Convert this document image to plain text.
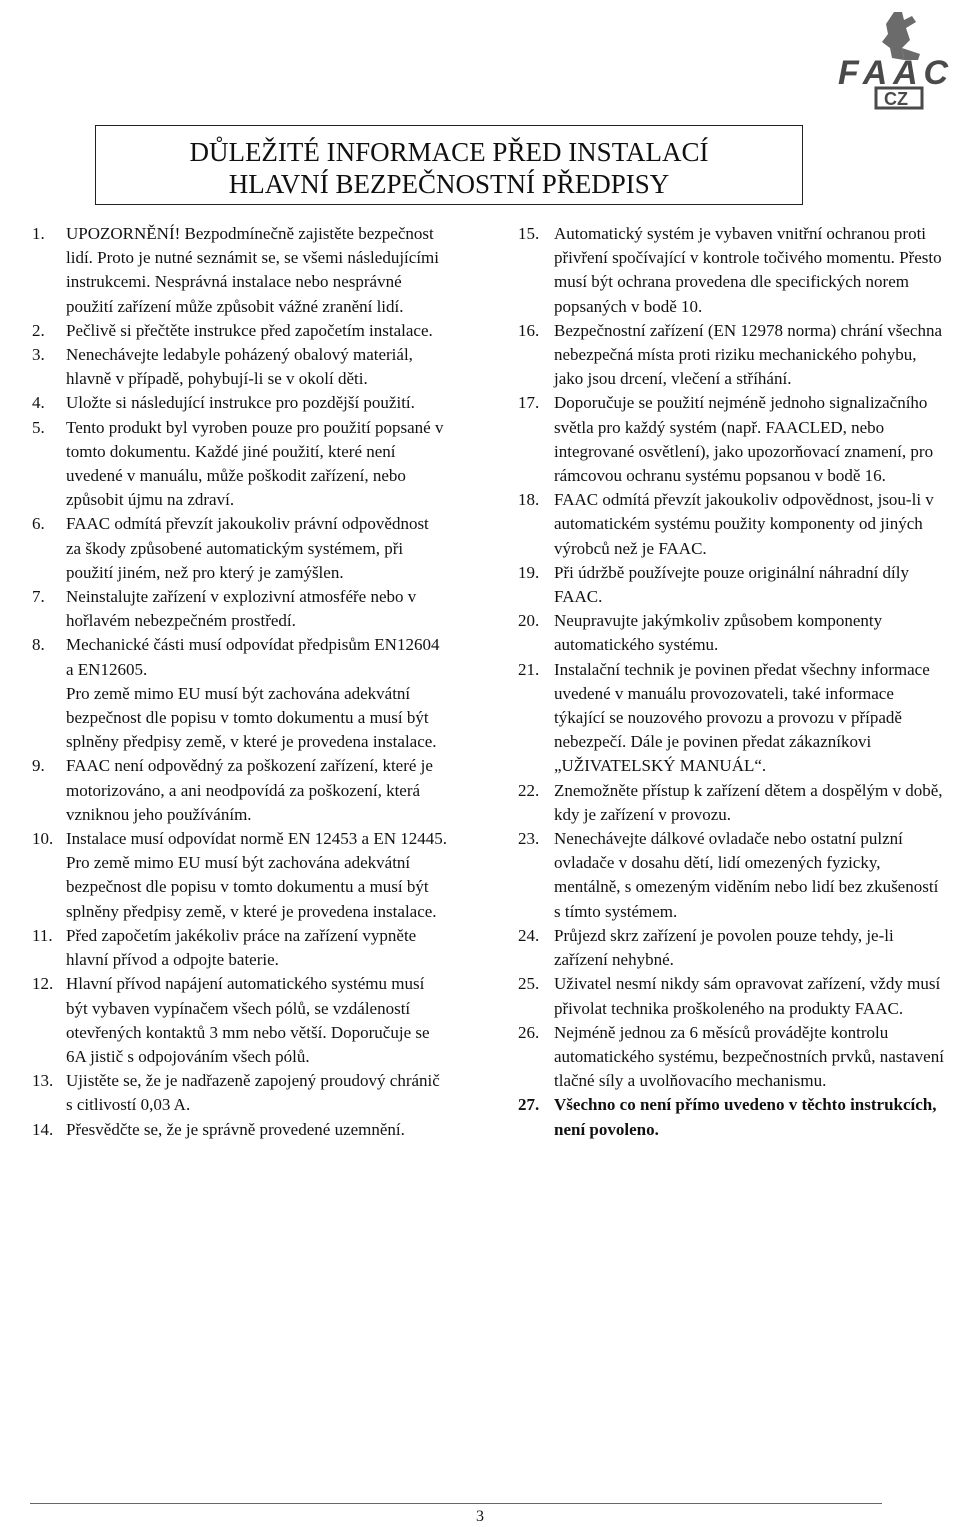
FAAC
CZ
DŮLEŽITÉ INFORMACE PŘED INSTALACÍ
HLAVNÍ BEZPEČNOSTNÍ PŘEDPISY
1. UPOZORNĚNÍ! Bezpodmínečně zajistěte bezpečnost lidí. Proto je nutné seznámit se, se všemi následujícími instrukcemi. Nesprávná instalace nebo nesprávné použití zařízení může způsobit vážné zranění lidí.

2. Pečlivě si přečtěte instrukce před započetím instalace.

3. Nenechávejte ledabyle poházený obalový materiál, hlavně v případě, pohybují-li se v okolí děti.

4. Uložte si následující instrukce pro pozdější použití.

5. Tento produkt byl vyroben pouze pro použití popsané v tomto dokumentu. Každé jiné použití, které není uvedené v manuálu, může poškodit zařízení, nebo způsobit újmu na zdraví.

6. FAAC odmítá převzít jakoukoliv právní odpovědnost za škody způsobené automatickým systémem, při použití jiném, než pro který je zamýšlen.

7. Neinstalujte zařízení v explozivní atmosféře nebo v hořlavém nebezpečném prostředí.

8. Mechanické části musí odpovídat předpisům EN12604 a EN12605.

Pro země mimo EU musí být zachována adekvátní bezpečnost dle popisu v tomto dokumentu a musí být splněny předpisy země, v které je provedena instalace.

9. FAAC není odpovědný za poškození zařízení, které je motorizováno, a ani neodpovídá za poškození, která vzniknou jeho používáním.

10. Instalace musí odpovídat normě EN 12453 a EN 12445.

Pro země mimo EU musí být zachována adekvátní bezpečnost dle popisu v tomto dokumentu a musí být splněny předpisy země, v které je provedena instalace.

11. Před započetím jakékoliv práce na zařízení vypněte hlavní přívod a odpojte baterie.

12. Hlavní přívod napájení automatického systému musí být vybaven vypínačem všech pólů, se vzdáleností otevřených kontaktů 3 mm nebo větší. Doporučuje se 6A jistič s odpojováním všech pólů.

13. Ujistěte se, že je nadřazeně zapojený proudový chránič s citlivostí 0,03 A.

14. Přesvědčte se, že je správně provedené uzemnění.

15. Automatický systém je vybaven vnitřní ochranou proti přivření spočívající v kontrole točivého momentu. Přesto musí být ochrana provedena dle specifických norem popsaných v bodě 10.

16. Bezpečnostní zařízení (EN 12978 norma) chrání všechna nebezpečná místa proti riziku mechanického pohybu, jako jsou drcení, vlečení a stříhání.

17. Doporučuje se použití nejméně jednoho signalizačního světla pro každý systém (např. FAACLED, nebo integrované osvětlení), jako upozorňovací znamení, pro rámcovou ochranu systému popsanou v bodě 16.

18. FAAC odmítá převzít jakoukoliv odpovědnost, jsou-li v automatickém systému použity komponenty od jiných výrobců než je FAAC.

19. Při údržbě používejte pouze originální náhradní díly FAAC.

20. Neupravujte jakýmkoliv způsobem komponenty automatického systému.

21. Instalační technik je povinen předat všechny informace uvedené v manuálu provozovateli, také informace týkající se nouzového provozu a provozu v případě nebezpečí. Dále je povinen předat zákazníkovi „UŽIVATELSKÝ MANUÁL“.

22. Znemožněte přístup k zařízení dětem a dospělým v době, kdy je zařízení v provozu.

23. Nenechávejte dálkové ovladače nebo ostatní pulzní ovladače v dosahu dětí, lidí omezených fyzicky, mentálně, s omezeným viděním nebo lidí bez zkušeností s tímto systémem.

24. Průjezd skrz zařízení je povolen pouze tehdy, je-li zařízení nehybné.

25. Uživatel nesmí nikdy sám opravovat zařízení, vždy musí přivolat technika proškoleného na produkty FAAC.

26. Nejméně jednou za 6 měsíců provádějte kontrolu automatického systému, bezpečnostních prvků, nastavení tlačné síly a uvolňovacího mechanismu.

27. Všechno co není přímo uvedeno v těchto instrukcích, není povoleno.

3
